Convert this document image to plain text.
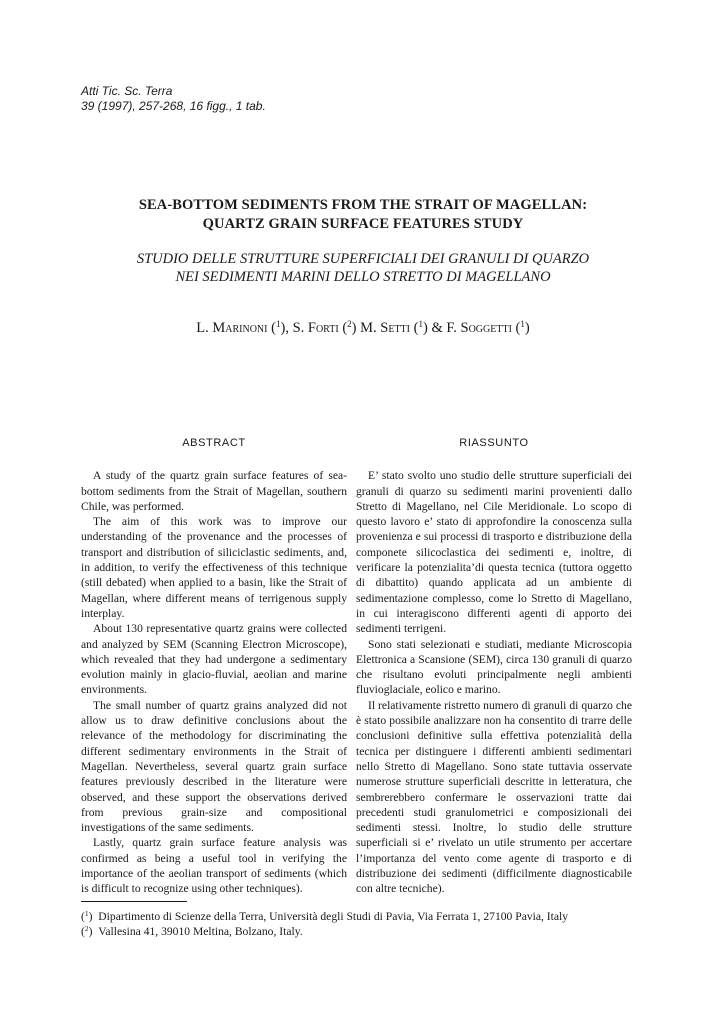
Atti Tic. Sc. Terra
39 (1997), 257-268, 16 figg., 1 tab.
SEA-BOTTOM SEDIMENTS FROM THE STRAIT OF MAGELLAN:
QUARTZ GRAIN SURFACE FEATURES STUDY
STUDIO DELLE STRUTTURE SUPERFICIALI DEI GRANULI DI QUARZO
NEI SEDIMENTI MARINI DELLO STRETTO DI MAGELLANO
L. Marinoni ($^1$), S. Forti ($^2$) M. Setti ($^1$) & F. Soggetti ($^1$)
ABSTRACT

A study of the quartz grain surface features of sea-bottom sediments from the Strait of Magellan, southern Chile, was performed.

The aim of this work was to improve our understanding of the provenance and the processes of transport and distribution of siliciclastic sediments, and, in addition, to verify the effectiveness of this technique (still debated) when applied to a basin, like the Strait of Magellan, where different means of terrigenous supply interplay.

About 130 representative quartz grains were collected and analyzed by SEM (Scanning Electron Microscope), which revealed that they had undergone a sedimentary evolution mainly in glacio-fluvial, aeolian and marine environments.

The small number of quartz grains analyzed did not allow us to draw definitive conclusions about the relevance of the methodology for discriminating the different sedimentary environments in the Strait of Magellan. Nevertheless, several quartz grain surface features previously described in the literature were observed, and these support the observations derived from previous grain-size and compositional investigations of the same sediments.

Lastly, quartz grain surface feature analysis was confirmed as being a useful tool in verifying the importance of the aeolian transport of sediments (which is difficult to recognize using other techniques).

RIASSUNTO

E’ stato svolto uno studio delle strutture superficiali dei granuli di quarzo su sedimenti marini provenienti dallo Stretto di Magellano, nel Cile Meridionale. Lo scopo di questo lavoro e’ stato di approfondire la conoscenza sulla provenienza e sui processi di trasporto e distribuzione della componete silicoclastica dei sedimenti e, inoltre, di verificare la potenzialita’di questa tecnica (tuttora oggetto di dibattito) quando applicata ad un ambiente di sedimentazione complesso, come lo Stretto di Magellano, in cui interagiscono differenti agenti di apporto dei sedimenti terrigeni.

Sono stati selezionati e studiati, mediante Microscopia Elettronica a Scansione (SEM), circa 130 granuli di quarzo che risultano evoluti principalmente negli ambienti fluvioglaciale, eolico e marino.

Il relativamente ristretto numero di granuli di quarzo che è stato possibile analizzare non ha consentito di trarre delle conclusioni definitive sulla effettiva potenzialità della tecnica per distinguere i differenti ambienti sedimentari nello Stretto di Magellano. Sono state tuttavia osservate numerose strutture superficiali descritte in letteratura, che sembrerebbero confermare le osservazioni tratte dai precedenti studi granulometrici e composizionali dei sedimenti stessi. Inoltre, lo studio delle strutture superficiali si e’ rivelato un utile strumento per accertare l’importanza del vento come agente di trasporto e di distribuzione dei sedimenti (difficilmente diagnosticabile con altre tecniche).

($^1$)  Dipartimento di Scienze della Terra, Università degli Studi di Pavia, Via Ferrata 1, 27100 Pavia, Italy
($^2$)  Vallesina 41, 39010 Meltina, Bolzano, Italy.
